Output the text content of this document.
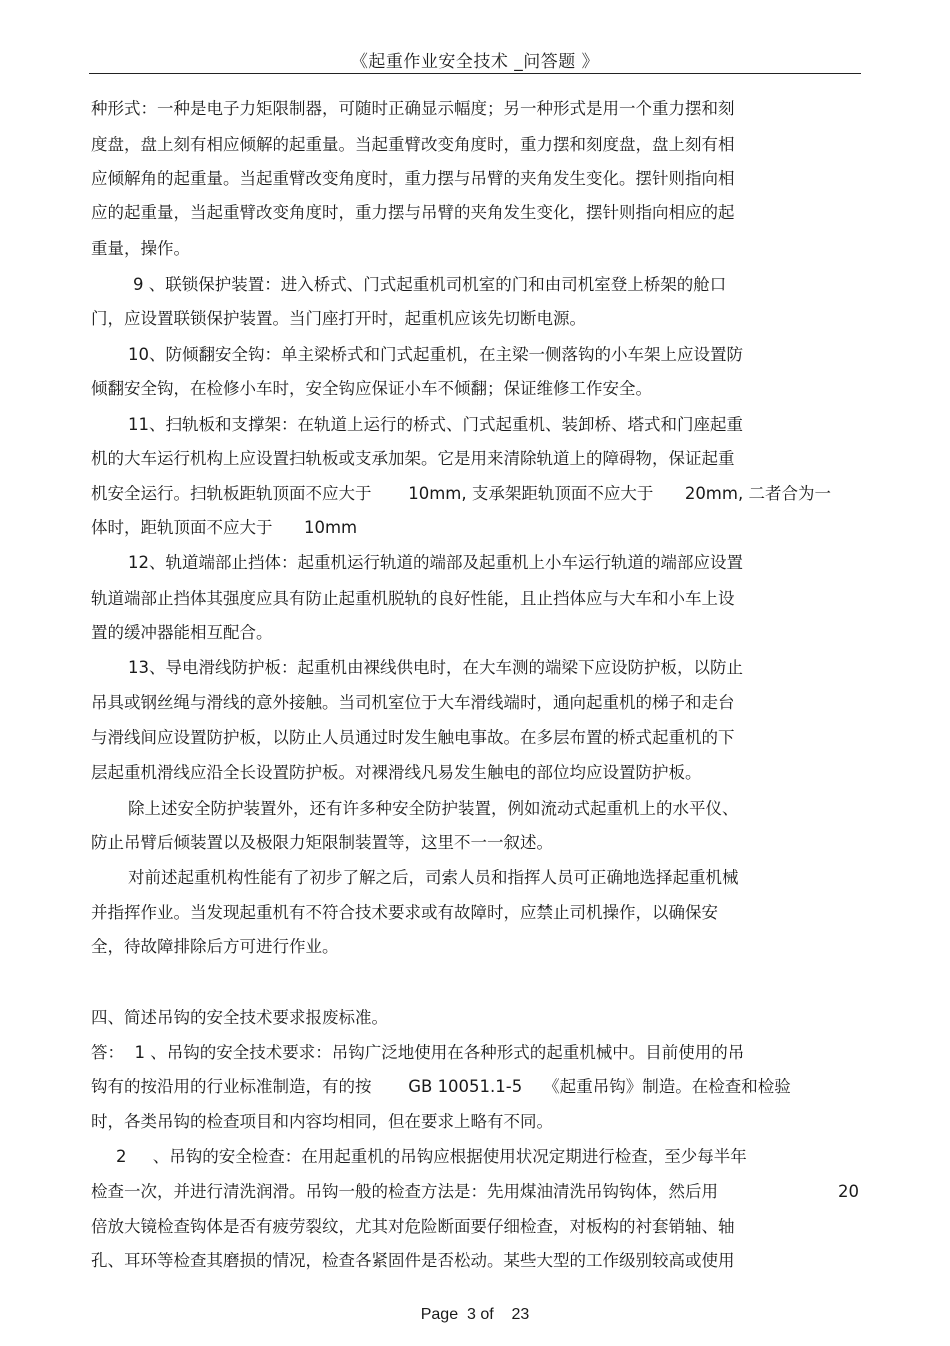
《起重作业安全技术 _问答题 》
种形式：一种是电子力矩限制器，可随时正确显示幅度；另一种形式是用一个重力摆和刻
度盘，盘上刻有相应倾解的起重量。当起重臂改变角度时，重力摆和刻度盘，盘上刻有相
应倾解角的起重量。当起重臂改变角度时，重力摆与吊臂的夹角发生变化。摆针则指向相
应的起重量，当起重臂改变角度时，重力摆与吊臂的夹角发生变化，摆针则指向相应的起
重量，操作。
9 、联锁保护装置：进入桥式、门式起重机司机室的门和由司机室登上桥架的舱口
门，应设置联锁保护装置。当门座打开时，起重机应该先切断电源。
10、防倾翻安全钩：单主梁桥式和门式起重机，在主梁一侧落钩的小车架上应设置防
倾翻安全钩，在检修小车时，安全钩应保证小车不倾翻；保证维修工作安全。
11、扫轨板和支撑架：在轨道上运行的桥式、门式起重机、装卸桥、塔式和门座起重
机的大车运行机构上应设置扫轨板或支承加架。它是用来清除轨道上的障碍物，保证起重
机安全运行。扫轨板距轨顶面不应大于       10mm, 支承架距轨顶面不应大于      20mm, 二者合为一
体时，距轨顶面不应大于      10mm
12、轨道端部止挡体：起重机运行轨道的端部及起重机上小车运行轨道的端部应设置
轨道端部止挡体其强度应具有防止起重机脱轨的良好性能，且止挡体应与大车和小车上设
置的缓冲器能相互配合。
13、导电滑线防护板：起重机由裸线供电时，在大车测的端梁下应设防护板，以防止
吊具或钢丝绳与滑线的意外接触。当司机室位于大车滑线端时，通向起重机的梯子和走台
与滑线间应设置防护板，以防止人员通过时发生触电事故。在多层布置的桥式起重机的下
层起重机滑线应沿全长设置防护板。对裸滑线凡易发生触电的部位均应设置防护板。
除上述安全防护装置外，还有许多种安全防护装置，例如流动式起重机上的水平仪、
防止吊臂后倾装置以及极限力矩限制装置等，这里不一一叙述。
对前述起重机构性能有了初步了解之后，司索人员和指挥人员可正确地选择起重机械
并指挥作业。当发现起重机有不符合技术要求或有故障时，应禁止司机操作，以确保安
全，待故障排除后方可进行作业。
四、简述吊钩的安全技术要求报废标准。
答：  1 、吊钩的安全技术要求：吊钩广泛地使用在各种形式的起重机械中。目前使用的吊
钩有的按沿用的行业标准制造，有的按       GB 10051.1-5    《起重吊钩》制造。在检查和检验
时，各类吊钩的检查项目和内容均相同，但在要求上略有不同。
2     、吊钩的安全检查：在用起重机的吊钩应根据使用状况定期进行检查，至少每半年
检查一次，并进行清洗润滑。吊钩一般的检查方法是：先用煤油清洗吊钩钩体，然后用	20
倍放大镜检查钩体是否有疲劳裂纹，尤其对危险断面要仔细检查，对板构的衬套销轴、轴
孔、耳环等检查其磨损的情况，检查各紧固件是否松动。某些大型的工作级别较高或使用
Page  3 of    23
